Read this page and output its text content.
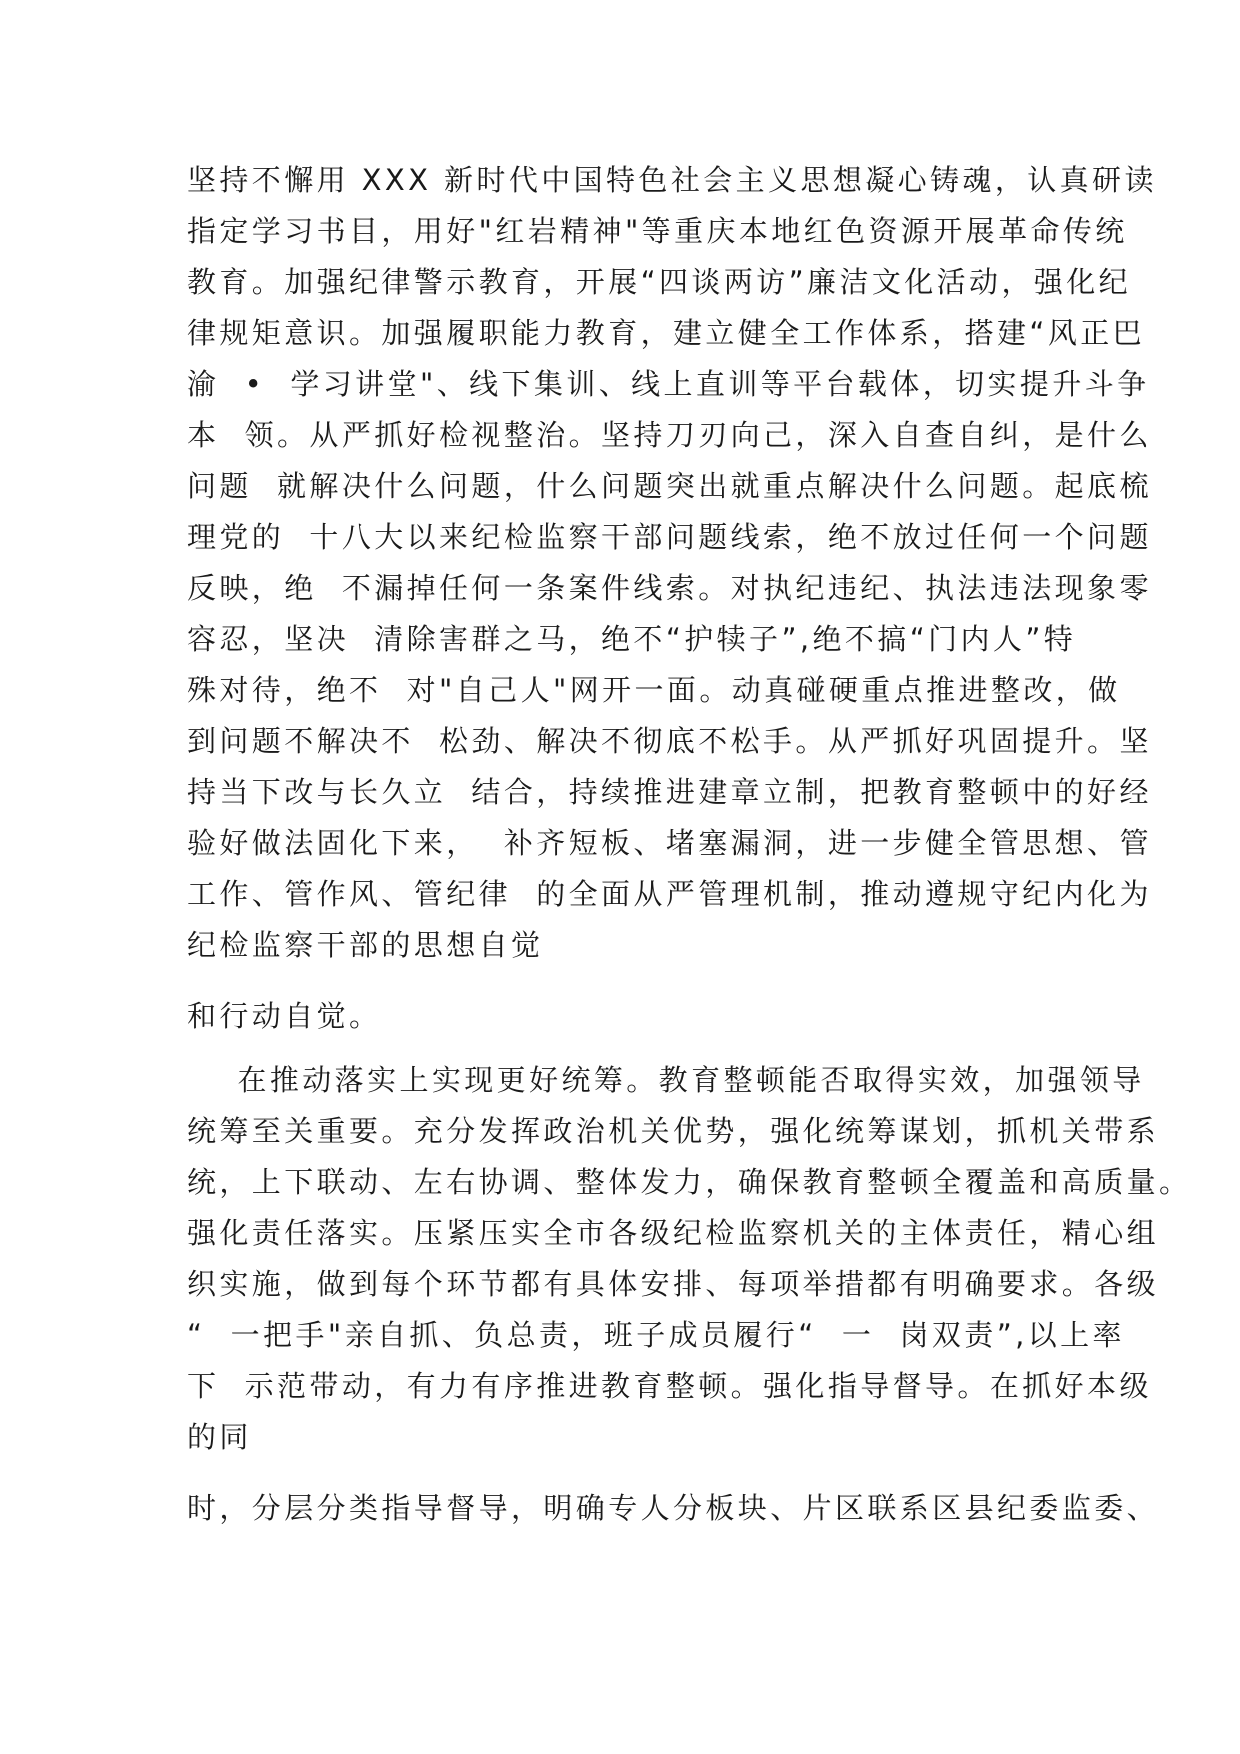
坚持不懈用 XXX 新时代中国特色社会主义思想凝心铸魂，认真研读
指定学习书目，用好"红岩精神"等重庆本地红色资源开展革命传统
教育。加强纪律警示教育，开展“四谈两访”廉洁文化活动，强化纪
律规矩意识。加强履职能力教育，建立健全工作体系，搭建“风正巴
渝  •  学习讲堂"、线下集训、线上直训等平台载体，切实提升斗争
本  领。从严抓好检视整治。坚持刀刃向己，深入自查自纠，是什么
问题  就解决什么问题，什么问题突出就重点解决什么问题。起底梳
理党的  十八大以来纪检监察干部问题线索，绝不放过任何一个问题
反映，绝  不漏掉任何一条案件线索。对执纪违纪、执法违法现象零
容忍，坚决  清除害群之马，绝不“护犊子”,绝不搞“门内人”特
殊对待，绝不  对"自己人"网开一面。动真碰硬重点推进整改，做
到问题不解决不  松劲、解决不彻底不松手。从严抓好巩固提升。坚
持当下改与长久立  结合，持续推进建章立制，把教育整顿中的好经
验好做法固化下来，  补齐短板、堵塞漏洞，进一步健全管思想、管
工作、管作风、管纪律  的全面从严管理机制，推动遵规守纪内化为
纪检监察干部的思想自觉
和行动自觉。
在推动落实上实现更好统筹。教育整顿能否取得实效，加强领导
统筹至关重要。充分发挥政治机关优势，强化统筹谋划，抓机关带系
统，上下联动、左右协调、整体发力，确保教育整顿全覆盖和高质量。
强化责任落实。压紧压实全市各级纪检监察机关的主体责任，精心组
织实施，做到每个环节都有具体安排、每项举措都有明确要求。各级
“  一把手"亲自抓、负总责，班子成员履行“  一  岗双责”,以上率
下  示范带动，有力有序推进教育整顿。强化指导督导。在抓好本级
的同
时，分层分类指导督导，明确专人分板块、片区联系区县纪委监委、
